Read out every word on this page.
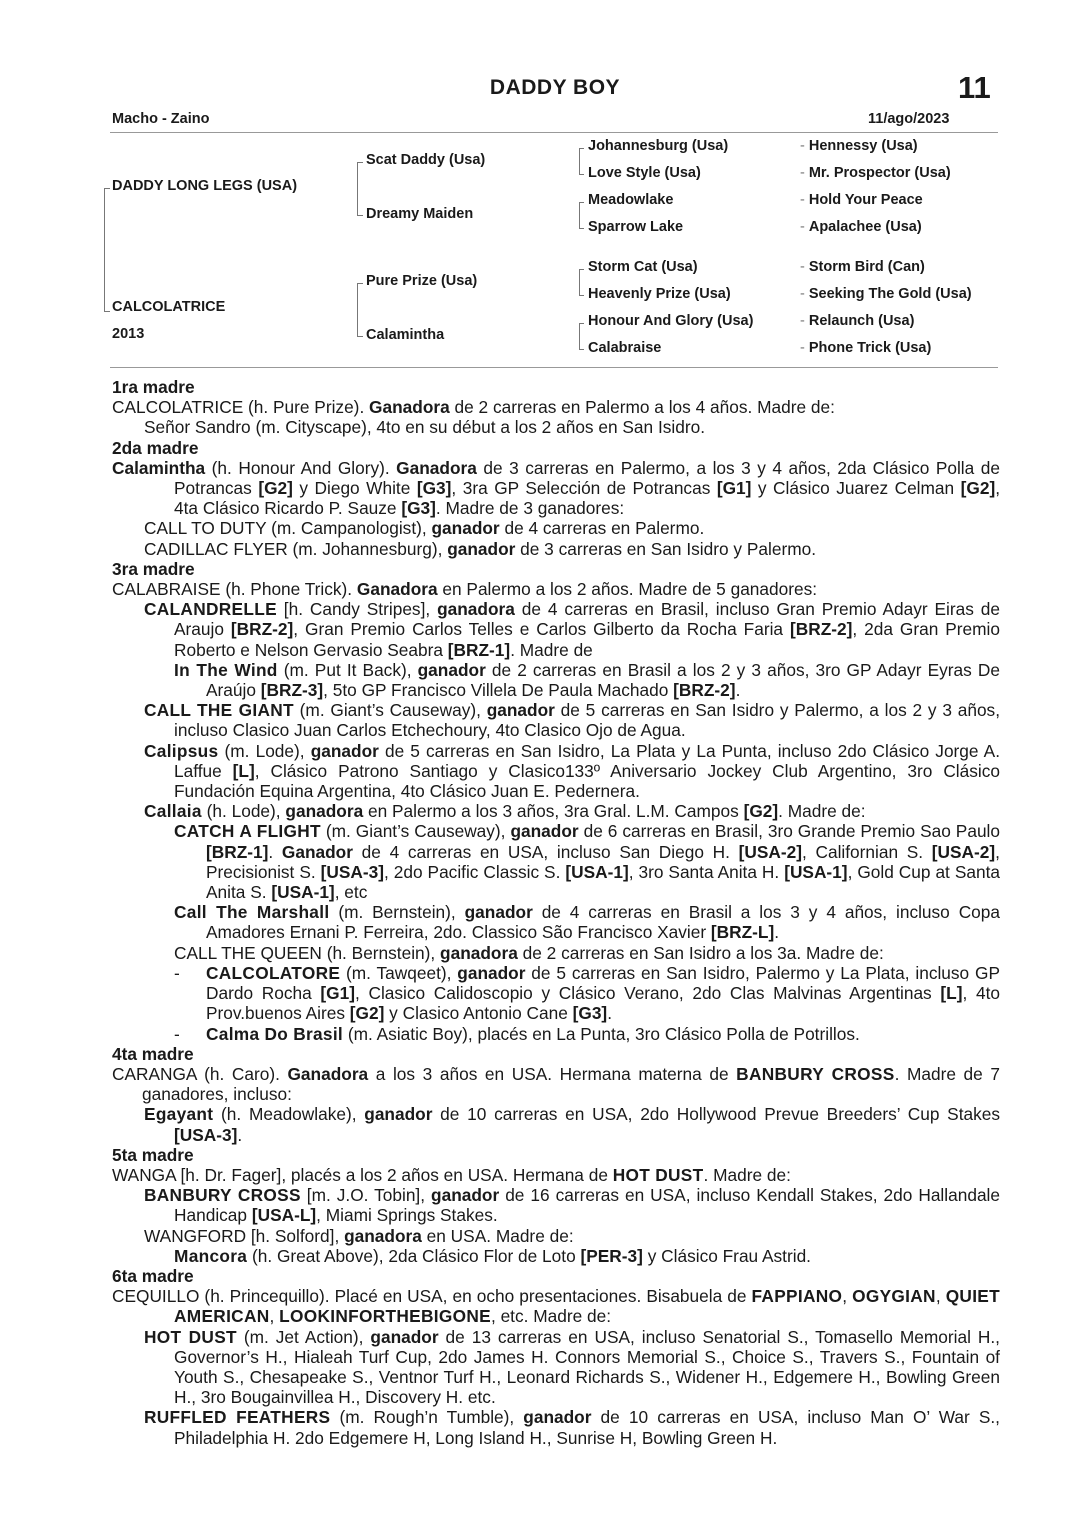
DADDY BOY	11
Macho - Zaino	11/ago/2023
DADDY LONG LEGS (USA)
CALCOLATRICE
2013
Scat Daddy (Usa)
Dreamy Maiden
Pure Prize (Usa)
Calamintha
Johannesburg (Usa)
Love Style (Usa)
Meadowlake
Sparrow Lake
Storm Cat (Usa)
Heavenly Prize (Usa)
Honour And Glory (Usa)
Calabraise
- Hennessy (Usa)
- Mr. Prospector (Usa)
- Hold Your Peace
- Apalachee (Usa)
- Storm Bird (Can)
- Seeking The Gold (Usa)
- Relaunch (Usa)
- Phone Trick (Usa)
1ra madre
CALCOLATRICE (h. Pure Prize). Ganadora de 2 carreras en Palermo a los 4 años. Madre de:
Señor Sandro (m. Cityscape), 4to en su début a los 2 años en San Isidro.
2da madre
Calamintha (h. Honour And Glory). Ganadora de 3 carreras en Palermo, a los 3 y 4 años, 2da Clásico Polla de Potrancas [G2] y Diego White [G3], 3ra GP Selección de Potrancas [G1] y Clásico Juarez Celman [G2], 4ta Clásico Ricardo P. Sauze [G3]. Madre de 3 ganadores:
CALL TO DUTY (m. Campanologist), ganador de 4 carreras en Palermo.
CADILLAC FLYER (m. Johannesburg), ganador de 3 carreras en San Isidro y Palermo.
3ra madre
CALABRAISE (h. Phone Trick). Ganadora en Palermo a los 2 años. Madre de 5 ganadores:
CALANDRELLE [h. Candy Stripes], ganadora de 4 carreras en Brasil, incluso Gran Premio Adayr Eiras de Araujo [BRZ-2], Gran Premio Carlos Telles e Carlos Gilberto da Rocha Faria [BRZ-2], 2da Gran Premio Roberto e Nelson Gervasio Seabra [BRZ-1]. Madre de
In The Wind (m. Put It Back), ganador de 2 carreras en Brasil a los 2 y 3 años, 3ro GP Adayr Eyras De Araújo [BRZ-3], 5to GP Francisco Villela De Paula Machado [BRZ-2].
CALL THE GIANT (m. Giant’s Causeway), ganador de 5 carreras en San Isidro y Palermo, a los 2 y 3 años, incluso Clasico Juan Carlos Etchechoury, 4to Clasico Ojo de Agua.
Calipsus (m. Lode), ganador de 5 carreras en San Isidro, La Plata y La Punta, incluso 2do Clásico Jorge A. Laffue [L], Clásico Patrono Santiago y Clasico133º Aniversario Jockey Club Argentino, 3ro Clásico Fundación Equina Argentina, 4to Clásico Juan E. Pedernera.
Callaia (h. Lode), ganadora en Palermo a los 3 años, 3ra Gral. L.M. Campos [G2]. Madre de:
CATCH A FLIGHT (m. Giant’s Causeway), ganador de 6 carreras en Brasil, 3ro Grande Premio Sao Paulo [BRZ-1]. Ganador de 4 carreras en USA, incluso San Diego H. [USA-2], Californian S. [USA-2], Precisionist S. [USA-3], 2do Pacific Classic S. [USA-1], 3ro Santa Anita H. [USA-1], Gold Cup at Santa Anita S. [USA-1], etc
Call The Marshall (m. Bernstein), ganador de 4 carreras en Brasil a los 3 y 4 años, incluso Copa Amadores Ernani P. Ferreira, 2do. Classico São Francisco Xavier [BRZ-L].
CALL THE QUEEN (h. Bernstein), ganadora de 2 carreras en San Isidro a los 3a. Madre de:
- CALCOLATORE (m. Tawqeet), ganador de 5 carreras en San Isidro, Palermo y La Plata, incluso GP Dardo Rocha [G1], Clasico Calidoscopio y Clásico Verano, 2do Clas Malvinas Argentinas [L], 4to Prov.buenos Aires [G2] y Clasico Antonio Cane [G3].
- Calma Do Brasil (m. Asiatic Boy), placés en La Punta, 3ro Clásico Polla de Potrillos.
4ta madre
CARANGA (h. Caro). Ganadora a los 3 años en USA. Hermana materna de BANBURY CROSS. Madre de 7 ganadores, incluso:
Egayant (h. Meadowlake), ganador de 10 carreras en USA, 2do Hollywood Prevue Breeders’ Cup Stakes [USA-3].
5ta madre
WANGA [h. Dr. Fager], placés a los 2 años en USA. Hermana de HOT DUST. Madre de:
BANBURY CROSS [m. J.O. Tobin], ganador de 16 carreras en USA, incluso Kendall Stakes, 2do Hallandale Handicap [USA-L], Miami Springs Stakes.
WANGFORD [h. Solford], ganadora en USA. Madre de:
Mancora (h. Great Above), 2da Clásico Flor de Loto [PER-3] y Clásico Frau Astrid.
6ta madre
CEQUILLO (h. Princequillo). Placé en USA, en ocho presentaciones. Bisabuela de FAPPIANO, OGYGIAN, QUIET AMERICAN, LOOKINFORTHEBIGONE, etc. Madre de:
HOT DUST (m. Jet Action), ganador de 13 carreras en USA, incluso Senatorial S., Tomasello Memorial H., Governor’s H., Hialeah Turf Cup, 2do James H. Connors Memorial S., Choice S., Travers S., Fountain of Youth S., Chesapeake S., Ventnor Turf H., Leonard Richards S., Widener H., Edgemere H., Bowling Green H., 3ro Bougainvillea H., Discovery H. etc.
RUFFLED FEATHERS (m. Rough’n Tumble), ganador de 10 carreras en USA, incluso Man O’ War S., Philadelphia H. 2do Edgemere H, Long Island H., Sunrise H, Bowling Green H.
